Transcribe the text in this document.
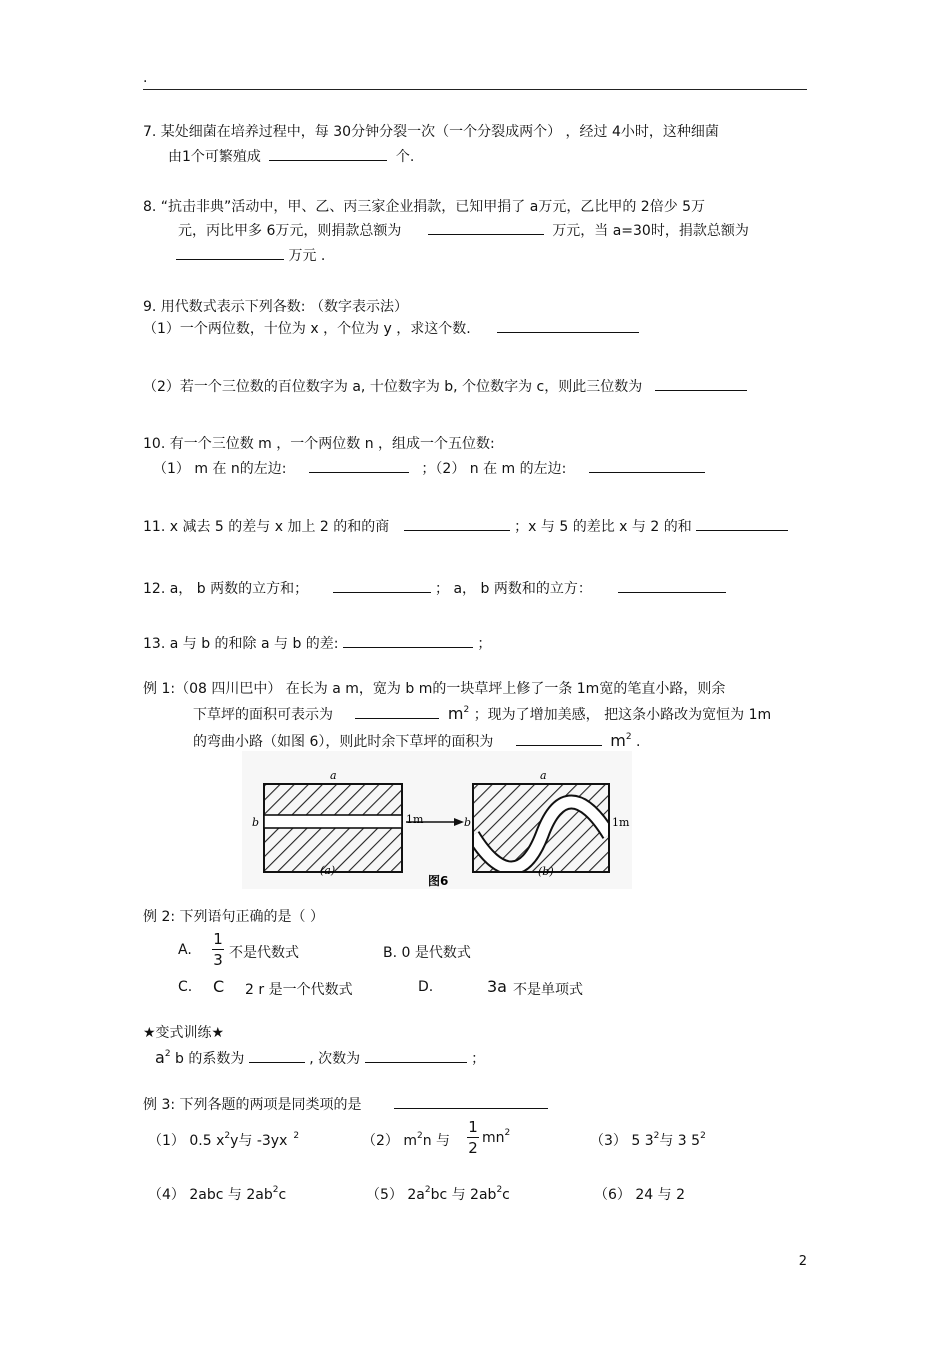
.
7. 某处细菌在培养过程中，每 30分钟分裂一次（一个分裂成两个） ，经过 4小时，这种细菌
由1个可繁殖成	个.
8. “抗击非典”活动中，甲、乙、丙三家企业捐款，已知甲捐了 a万元，乙比甲的 2倍少 5万
元，丙比甲多 6万元，则捐款总额为	万元，当 a=30时，捐款总额为
万元 .
9. 用代数式表示下列各数: （数字表示法）
（1）一个两位数，十位为 x ，个位为 y ，求这个数.
（2）若一个三位数的百位数字为 a, 十位数字为 b, 个位数字为 c，则此三位数为
10. 有一个三位数 m ，一个两位数 n ，组成一个五位数:
（1） m 在 n的左边:	；（2） n 在 m 的左边:
11. x 减去 5 的差与 x 加上 2 的和的商	；x 与 5 的差比 x 与 2 的和
12. a， b 两数的立方和；	； a， b 两数和的立方：
13. a 与 b 的和除 a 与 b 的差:	；
例 1:（08 四川巴中） 在长为 a m，宽为 b m的一块草坪上修了一条 1m宽的笔直小路，则余
下草坪的面积可表示为	$m^2$ ；现为了增加美感， 把这条小路改为宽恒为 1m
的弯曲小路（如图 6），则此时余下草坪的面积为	$m^2$ .
a
b	1m
a
b	1m
(a)	(b)
图6
例 2: 下列语句正确的是（ ）
A.
1
3 不是代数式	B. 0 是代数式
C. C 2 r 是一个代数式	D.	3a 不是单项式
★变式训练★
$a^2$ b 的系数为	, 次数为	；
例 3: 下列各题的两项是同类项的是
（1） 0.5 $x^2y$与 -3yx $^2$	（2） $m^2n$ 与
1
2
$mn^2$	（3） 5 $3^2$与 3 $5^2$
（4） 2abc 与 $2ab^2c$	（5） $2a^2bc$ 与 $2ab^2c$	（6） 24 与 2
2
